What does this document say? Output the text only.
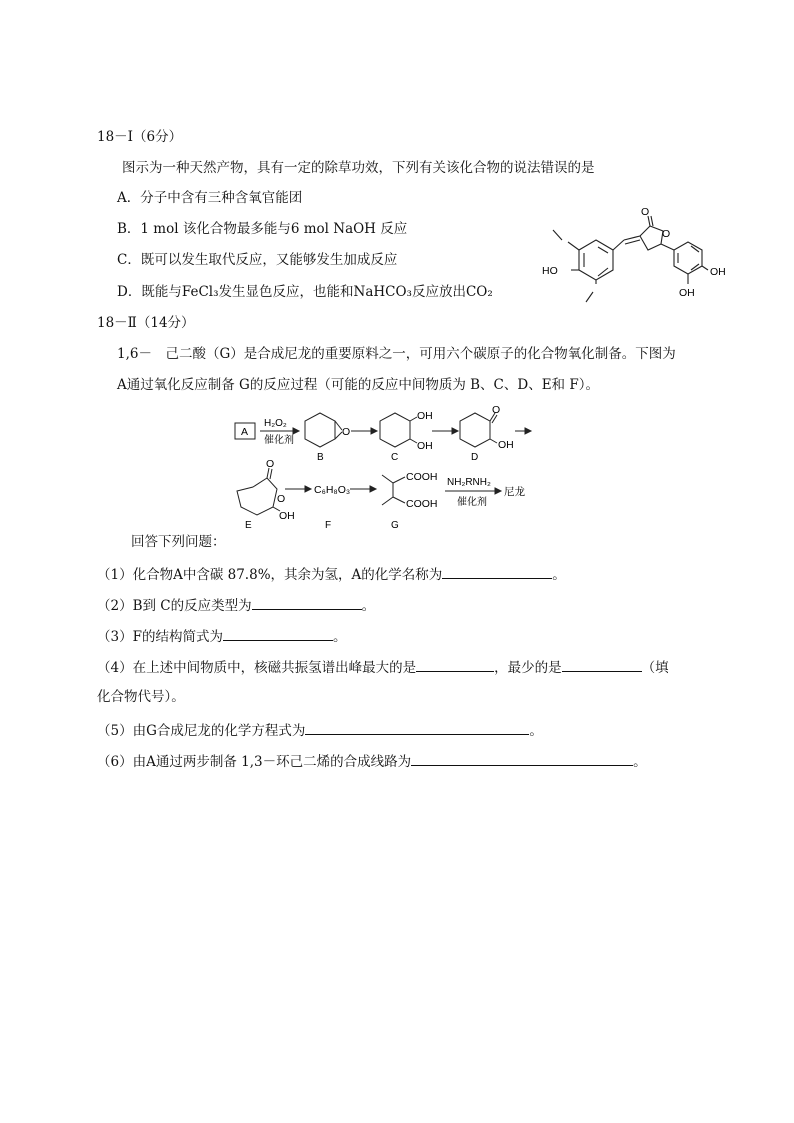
18－Ⅰ（6分）
图示为一种天然产物，具有一定的除草功效，下列有关该化合物的说法错误的是
A．分子中含有三种含氧官能团
B．1 mol 该化合物最多能与6 mol NaOH 反应
C．既可以发生取代反应，又能够发生加成反应
D．既能与FeCl₃发生显色反应，也能和NaHCO₃反应放出CO₂
O
O
HO	OH
OH
18－Ⅱ（14分）
1,6－　己二酸（G）是合成尼龙的重要原料之一，可用六个碳原子的化合物氧化制备。下图为
A通过氧化反应制备 G的反应过程（可能的反应中间物质为 B、C、D、E和 F）。
A
H₂O₂
催化剂
O
OH
OH
O
OH
O
O
OH
C₆H₈O₃
COOH
COOH
NH₂RNH₂
催化剂
尼龙
B	C	D
E	F	G
回答下列问题：
（1）化合物A中含碳 87.8%，其余为氢，A的化学名称为	。
（2）B到 C的反应类型为	。
（3）F的结构简式为	。
（4）在上述中间物质中，核磁共振氢谱出峰最大的是	，最少的是	（填
化合物代号）。
（5）由G合成尼龙的化学方程式为	。
（6）由A通过两步制备 1,3－环己二烯的合成线路为	。
